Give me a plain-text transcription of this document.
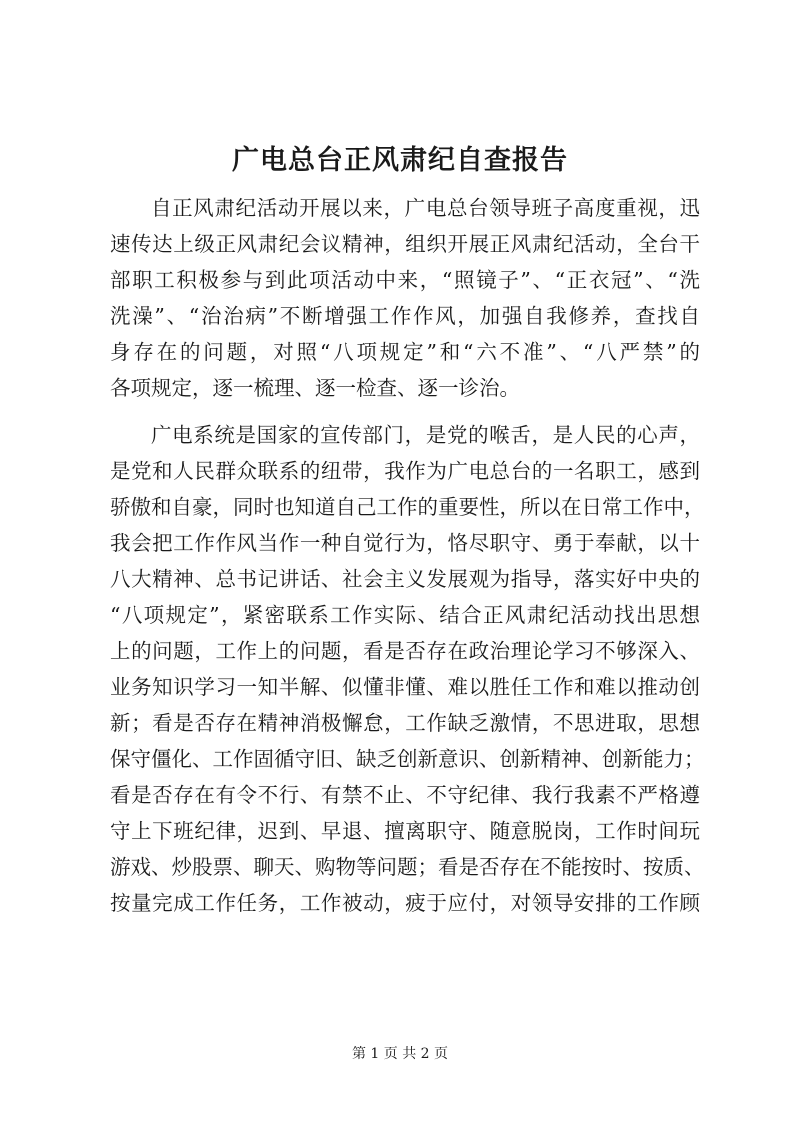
广电总台正风肃纪自查报告

自正风肃纪活动开展以来，广电总台领导班子高度重视，迅

速传达上级正风肃纪会议精神，组织开展正风肃纪活动，全台干

部职工积极参与到此项活动中来，“照镜子”、“正衣冠”、“洗

洗澡”、“治治病”不断增强工作作风，加强自我修养，查找自

身存在的问题，对照“八项规定”和“六不准”、“八严禁”的

各项规定，逐一梳理、逐一检查、逐一诊治。

广电系统是国家的宣传部门，是党的喉舌，是人民的心声，

是党和人民群众联系的纽带，我作为广电总台的一名职工，感到

骄傲和自豪，同时也知道自己工作的重要性，所以在日常工作中，

我会把工作作风当作一种自觉行为，恪尽职守、勇于奉献，以十

八大精神、总书记讲话、社会主义发展观为指导，落实好中央的

“八项规定”，紧密联系工作实际、结合正风肃纪活动找出思想

上的问题，工作上的问题，看是否存在政治理论学习不够深入、

业务知识学习一知半解、似懂非懂、难以胜任工作和难以推动创

新；看是否存在精神消极懈怠，工作缺乏激情，不思进取，思想

保守僵化、工作固循守旧、缺乏创新意识、创新精神、创新能力；

看是否存在有令不行、有禁不止、不守纪律、我行我素不严格遵

守上下班纪律，迟到、早退、擅离职守、随意脱岗，工作时间玩

游戏、炒股票、聊天、购物等问题；看是否存在不能按时、按质、

按量完成工作任务，工作被动，疲于应付，对领导安排的工作顾

第 1 页 共 2 页
